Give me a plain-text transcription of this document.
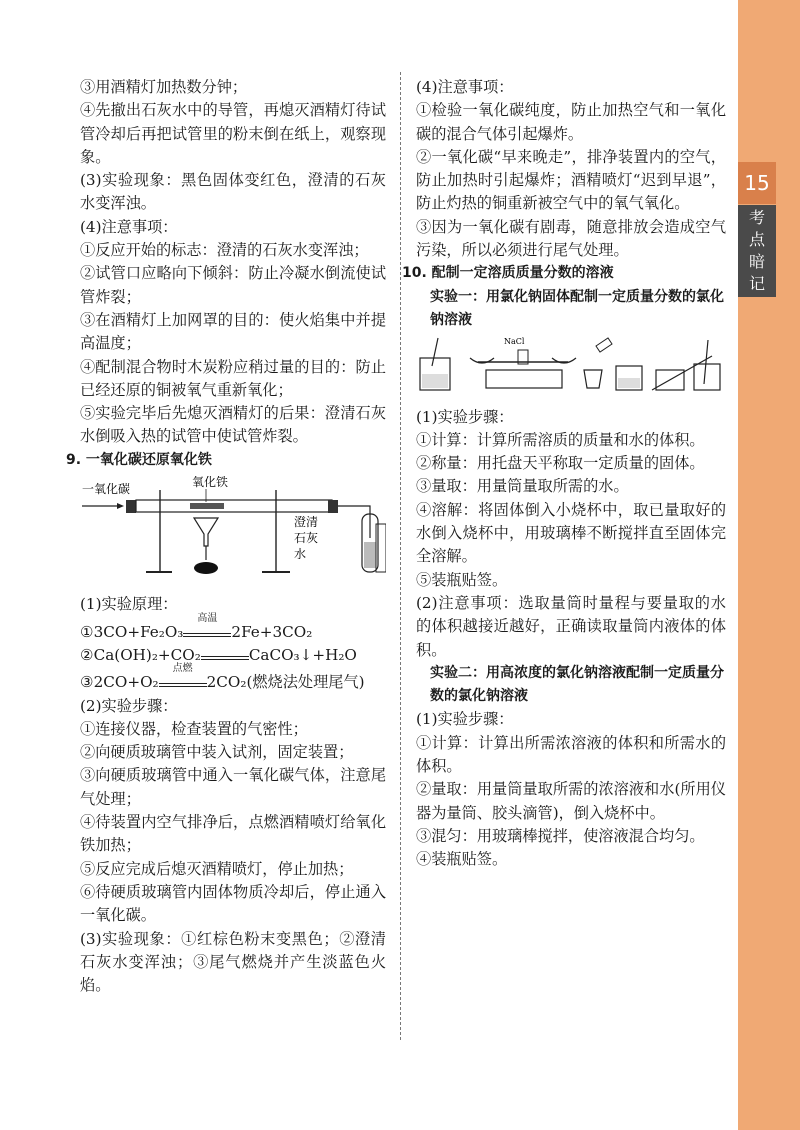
15
考
点
暗
记

③用酒精灯加热数分钟；

④先撤出石灰水中的导管，再熄灭酒精灯待试管冷却后再把试管里的粉末倒在纸上，观察现象。

(3)实验现象：黑色固体变红色，澄清的石灰水变浑浊。

(4)注意事项：

①反应开始的标志：澄清的石灰水变浑浊；

②试管口应略向下倾斜：防止冷凝水倒流使试管炸裂；

③在酒精灯上加网罩的目的：使火焰集中并提高温度；

④配制混合物时木炭粉应稍过量的目的：防止已经还原的铜被氧气重新氧化；

⑤实验完毕后先熄灭酒精灯的后果：澄清石灰水倒吸入热的试管中使试管炸裂。

9. 一氧化碳还原氧化铁

一氧化碳	氧化铁
澄清
石灰
水

(1)实验原理：

①3CO+Fe₂O₃
高温
2Fe+3CO₂

②Ca(OH)₂+CO₂	CaCO₃↓+H₂O

③2CO+O₂
点燃
2CO₂(燃烧法处理尾气)

(2)实验步骤：

①连接仪器，检查装置的气密性；

②向硬质玻璃管中装入试剂，固定装置；

③向硬质玻璃管中通入一氧化碳气体，注意尾气处理；

④待装置内空气排净后，点燃酒精喷灯给氧化铁加热；

⑤反应完成后熄灭酒精喷灯，停止加热；

⑥待硬质玻璃管内固体物质冷却后，停止通入一氧化碳。

(3)实验现象：①红棕色粉末变黑色；②澄清石灰水变浑浊；③尾气燃烧并产生淡蓝色火焰。

(4)注意事项：

①检验一氧化碳纯度，防止加热空气和一氧化碳的混合气体引起爆炸。

②一氧化碳“早来晚走”，排净装置内的空气，防止加热时引起爆炸；酒精喷灯“迟到早退”，防止灼热的铜重新被空气中的氧气氧化。

③因为一氧化碳有剧毒，随意排放会造成空气污染，所以必须进行尾气处理。

10. 配制一定溶质质量分数的溶液

实验一：用氯化钠固体配制一定质量分数的氯化钠溶液

NaCl

(1)实验步骤：

①计算：计算所需溶质的质量和水的体积。

②称量：用托盘天平称取一定质量的固体。

③量取：用量筒量取所需的水。

④溶解：将固体倒入小烧杯中，取已量取好的水倒入烧杯中，用玻璃棒不断搅拌直至固体完全溶解。

⑤装瓶贴签。

(2)注意事项：选取量筒时量程与要量取的水的体积越接近越好，正确读取量筒内液体的体积。

实验二：用高浓度的氯化钠溶液配制一定质量分数的氯化钠溶液

(1)实验步骤：

①计算：计算出所需浓溶液的体积和所需水的体积。

②量取：用量筒量取所需的浓溶液和水(所用仪器为量筒、胶头滴管)，倒入烧杯中。

③混匀：用玻璃棒搅拌，使溶液混合均匀。

④装瓶贴签。
